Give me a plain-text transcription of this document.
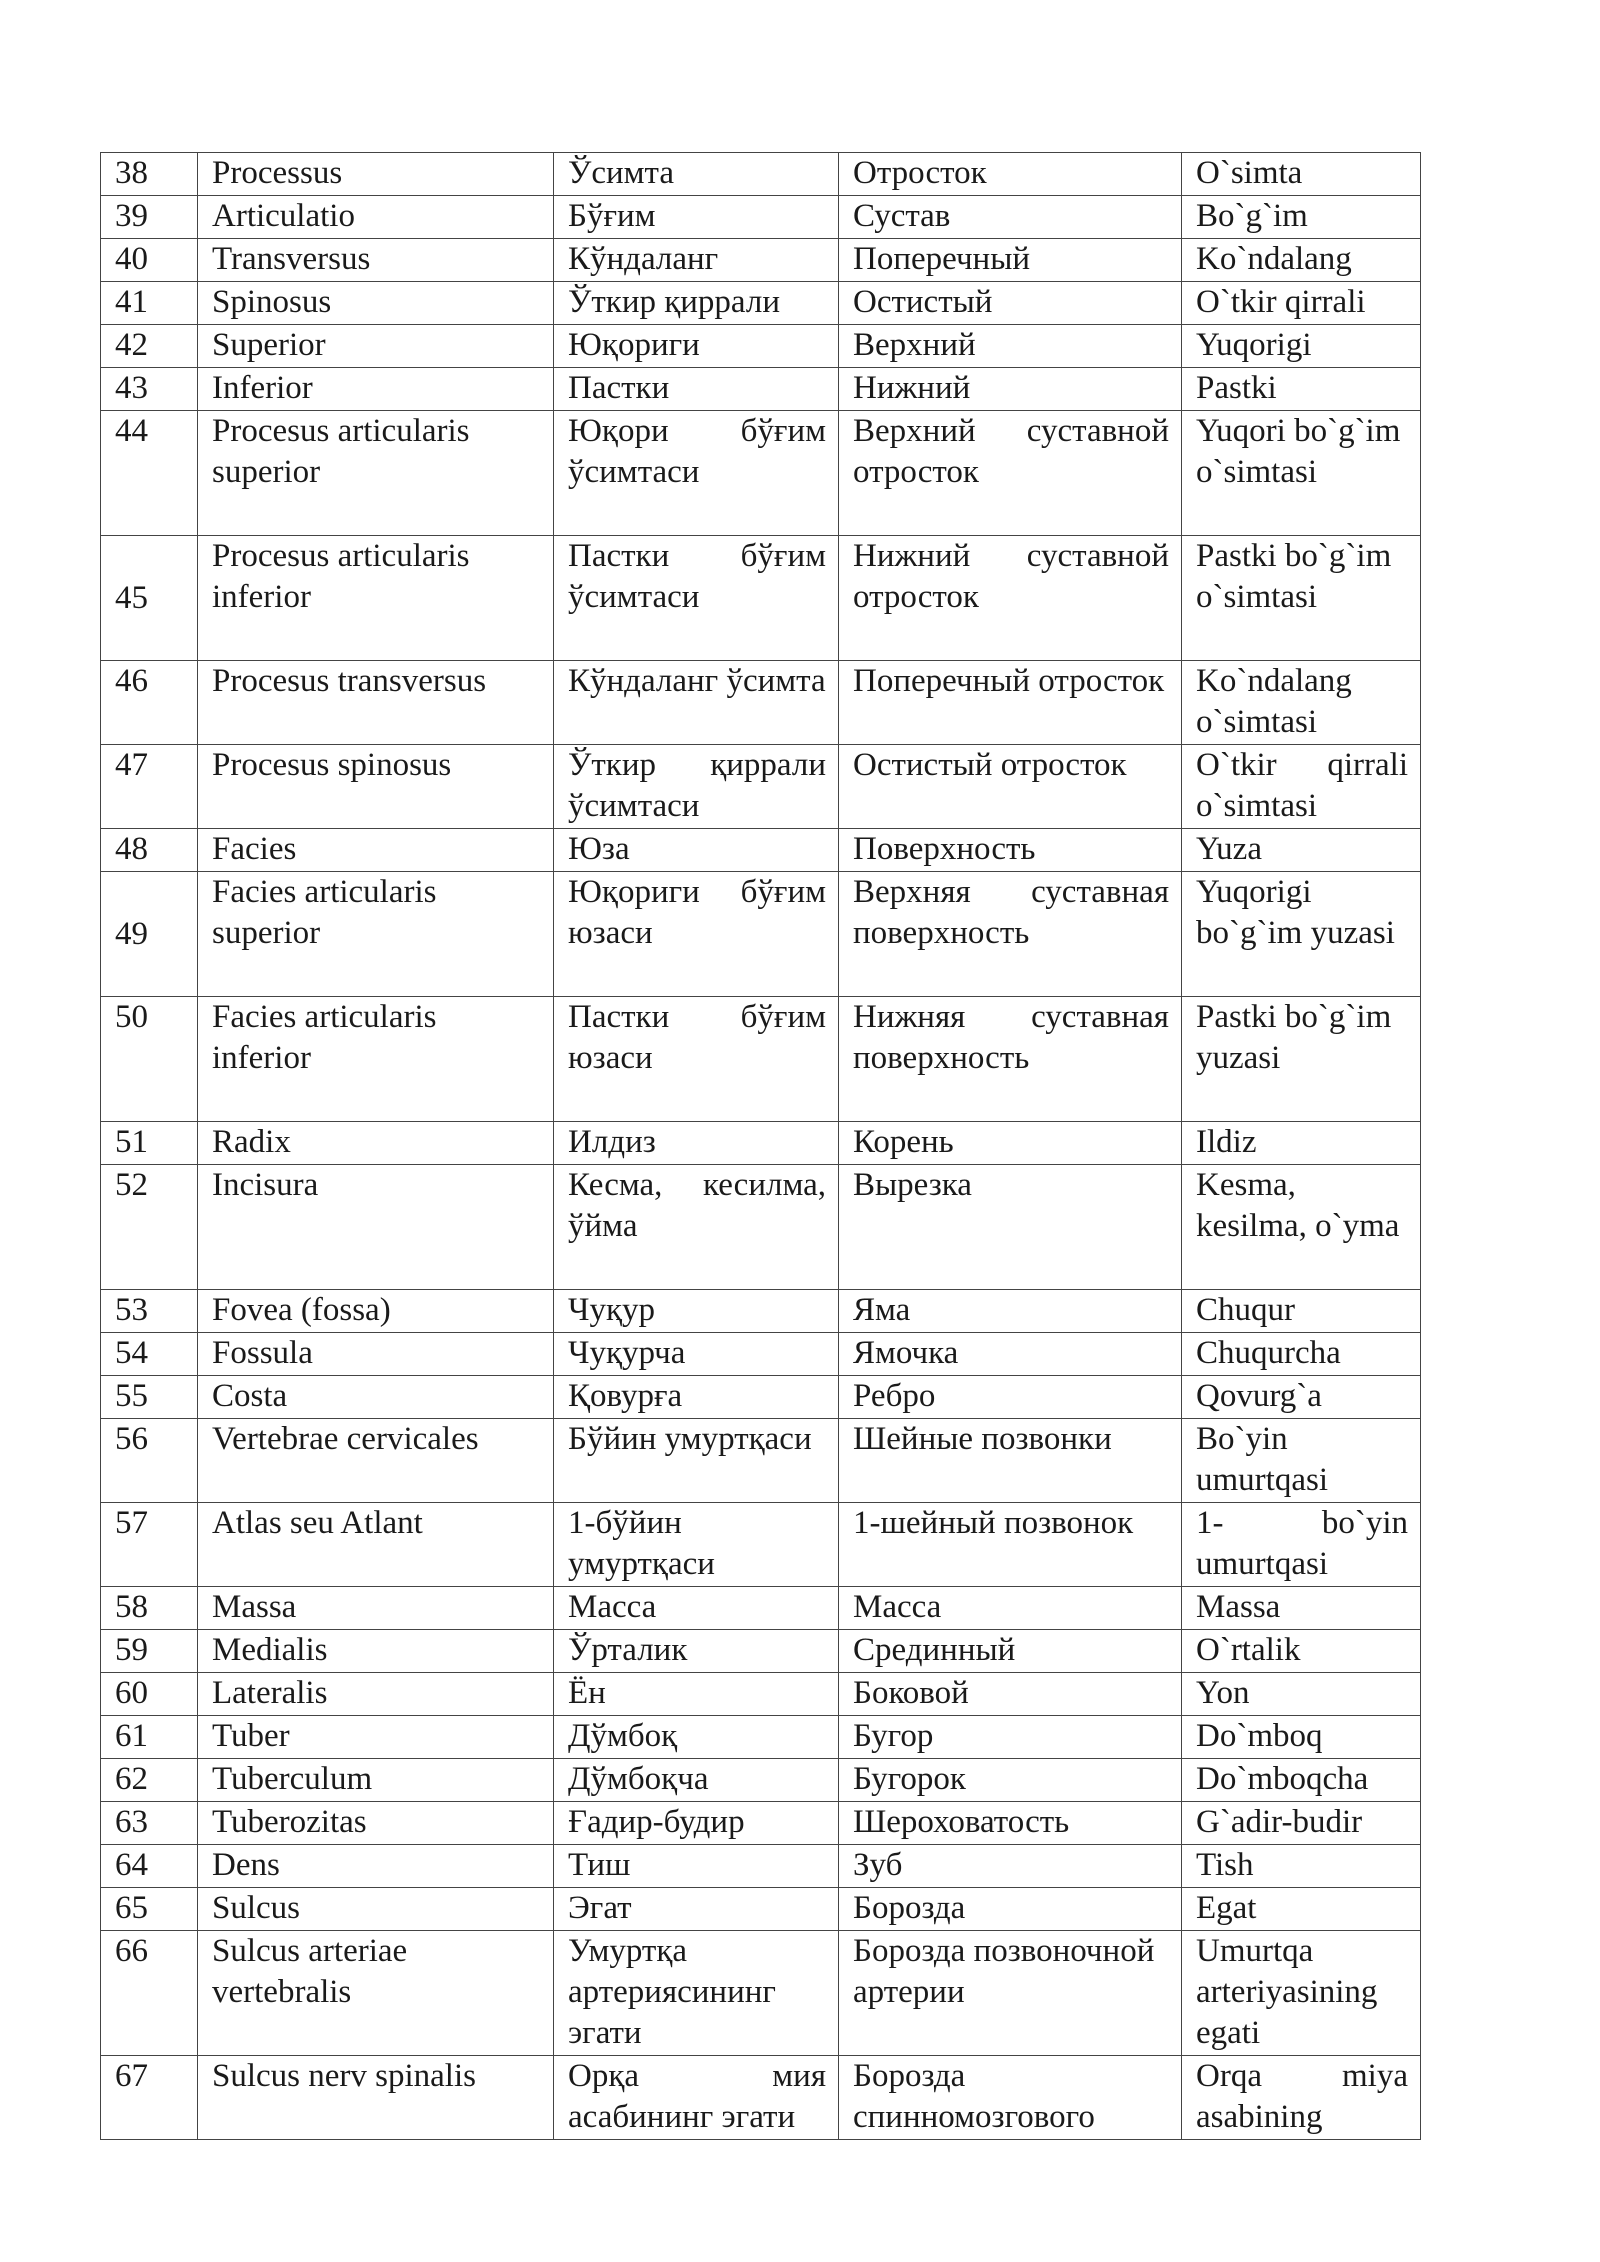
38	Processus	Ўсимта	Отросток	O`simta
39	Articulatio	Бўғим	Сустав	Bo`g`im
40	Transversus	Кўндаланг	Поперечный	Ko`ndalang
41	Spinosus	Ўткир қиррали	Остистый	O`tkir qirrali
42	Superior	Юқориги	Верхний	Yuqorigi
43	Inferior	Пастки	Нижний	Pastki
44	Procesus articularis superior	Юқори бўғим ўсимтаси	Верхний суставной отросток	Yuqori bo`g`im o`simtasi
45	Procesus articularis inferior	Пастки бўғим ўсимтаси	Нижний суставной отросток	Pastki bo`g`im o`simtasi
46	Procesus transversus	Кўндаланг ўсимта	Поперечный отросток	Ko`ndalang o`simtasi
47	Procesus spinosus	Ўткир қиррали ўсимтаси	Остистый отросток	O`tkir qirrali o`simtasi
48	Facies	Юза	Поверхность	Yuza
49	Facies articularis superior	Юқориги бўғим юзаси	Верхняя суставная поверхность	Yuqorigi bo`g`im yuzasi
50	Facies articularis inferior	Пастки бўғим юзаси	Нижняя суставная поверхность	Pastki bo`g`im yuzasi
51	Radix	Илдиз	Корень	Ildiz
52	Incisura	Кесма, кесилма, ўйма	Вырезка	Kesma, kesilma, o`yma
53	Fovea (fossa)	Чуқур	Яма	Chuqur
54	Fossula	Чуқурча	Ямочка	Chuqurcha
55	Costa	Қовурға	Ребро	Qovurg`a
56	Vertebrae cervicales	Бўйин умуртқаси	Шейные позвонки	Bo`yin umurtqasi
57	Atlas seu Atlant	1-бўйин умуртқаси	1-шейный позвонок	1- bo`yin umurtqasi
58	Massa	Масса	Масса	Massa
59	Medialis	Ўрталик	Срединный	O`rtalik
60	Lateralis	Ён	Боковой	Yon
61	Tuber	Дўмбоқ	Бугор	Do`mboq
62	Tuberculum	Дўмбоқча	Бугорок	Do`mboqcha
63	Tuberozitas	Ғадир-будир	Шероховатость	G`adir-budir
64	Dens	Тиш	Зуб	Tish
65	Sulcus	Эгат	Борозда	Egat
66	Sulcus arteriae vertebralis	Умуртқа артериясининг эгати	Борозда позвоночной артерии	Umurtqa arteriyasining egati
67	Sulcus nerv spinalis	Орқа мия асабининг эгати	Борозда спинномозгового	Orqa miya asabining
